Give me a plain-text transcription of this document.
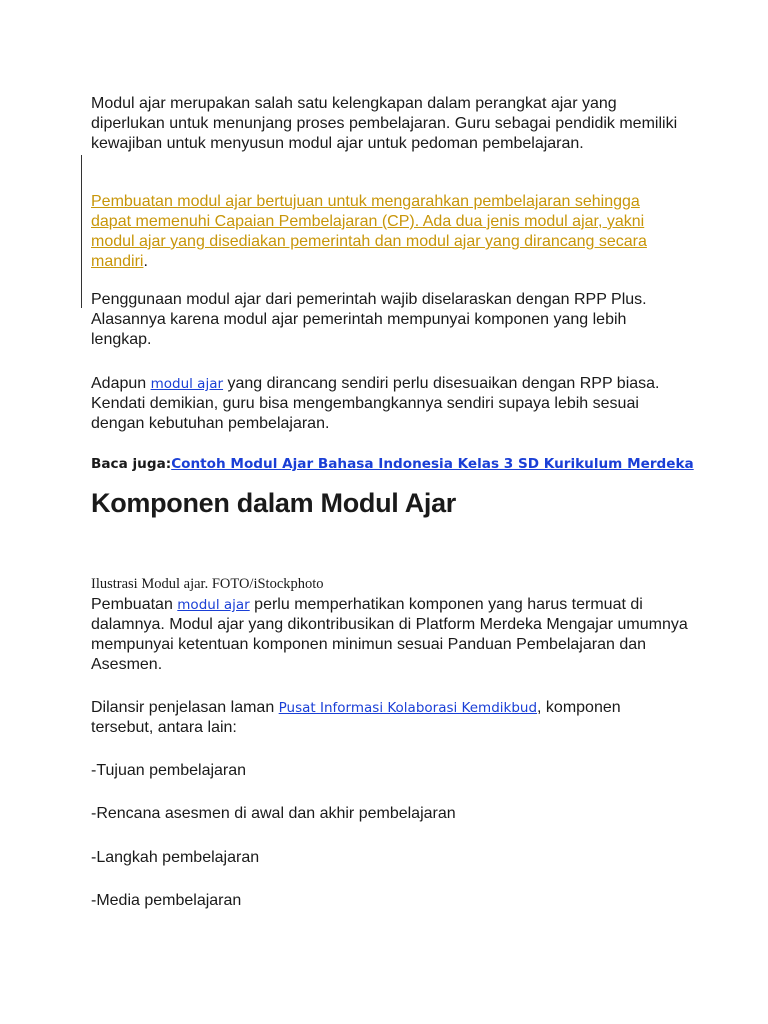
Modul ajar merupakan salah satu kelengkapan dalam perangkat ajar yang diperlukan untuk menunjang proses pembelajaran. Guru sebagai pendidik memiliki kewajiban untuk menyusun modul ajar untuk pedoman pembelajaran.

Pembuatan modul ajar bertujuan untuk mengarahkan pembelajaran sehingga dapat memenuhi Capaian Pembelajaran (CP). Ada dua jenis modul ajar, yakni modul ajar yang disediakan pemerintah dan modul ajar yang dirancang secara mandiri.

Penggunaan modul ajar dari pemerintah wajib diselaraskan dengan RPP Plus. Alasannya karena modul ajar pemerintah mempunyai komponen yang lebih lengkap.

Adapun modul ajar yang dirancang sendiri perlu disesuaikan dengan RPP biasa. Kendati demikian, guru bisa mengembangkannya sendiri supaya lebih sesuai dengan kebutuhan pembelajaran.

Baca juga:Contoh Modul Ajar Bahasa Indonesia Kelas 3 SD Kurikulum Merdeka
Komponen dalam Modul Ajar

Ilustrasi Modul ajar. FOTO/iStockphoto

Pembuatan modul ajar perlu memperhatikan komponen yang harus termuat di dalamnya. Modul ajar yang dikontribusikan di Platform Merdeka Mengajar umumnya mempunyai ketentuan komponen minimun sesuai Panduan Pembelajaran dan Asesmen.

Dilansir penjelasan laman Pusat Informasi Kolaborasi Kemdikbud, komponen tersebut, antara lain:

-Tujuan pembelajaran

-Rencana asesmen di awal dan akhir pembelajaran

-Langkah pembelajaran

-Media pembelajaran
